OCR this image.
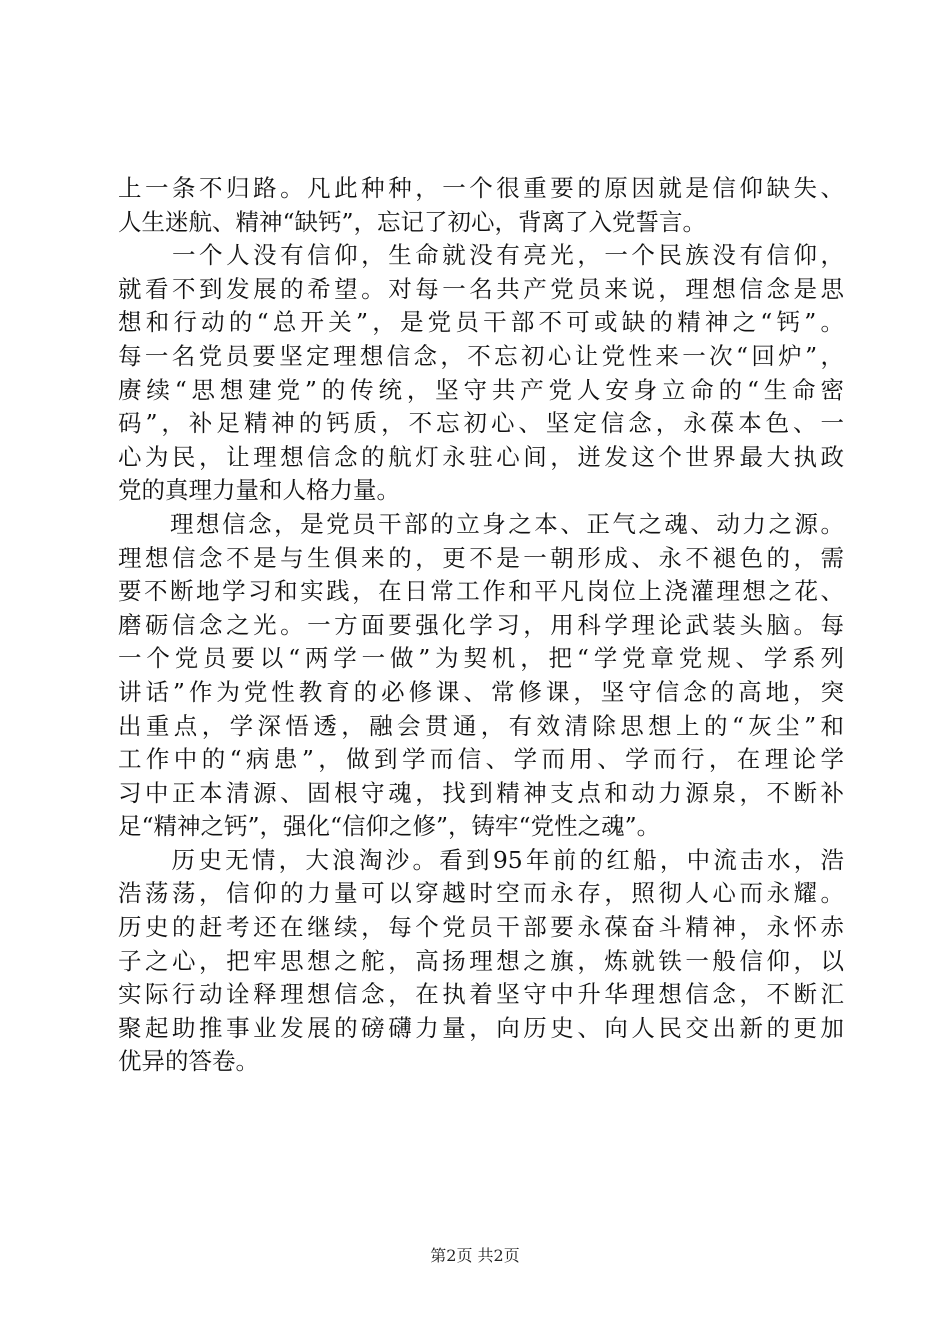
上一条不归路。凡此种种，一个很重要的原因就是信仰缺失、
人生迷航、精神“缺钙”，忘记了初心，背离了入党誓言。
　　一个人没有信仰，生命就没有亮光，一个民族没有信仰，
就看不到发展的希望。对每一名共产党员来说，理想信念是思
想和行动的“总开关”，是党员干部不可或缺的精神之“钙”。
每一名党员要坚定理想信念，不忘初心让党性来一次“回炉”，
赓续“思想建党”的传统，坚守共产党人安身立命的“生命密
码”，补足精神的钙质，不忘初心、坚定信念，永葆本色、一
心为民，让理想信念的航灯永驻心间，迸发这个世界最大执政
党的真理力量和人格力量。
　　理想信念，是党员干部的立身之本、正气之魂、动力之源。
理想信念不是与生俱来的，更不是一朝形成、永不褪色的，需
要不断地学习和实践，在日常工作和平凡岗位上浇灌理想之花、
磨砺信念之光。一方面要强化学习，用科学理论武装头脑。每
一个党员要以“两学一做”为契机，把“学党章党规、学系列
讲话”作为党性教育的必修课、常修课，坚守信念的高地，突
出重点，学深悟透，融会贯通，有效清除思想上的“灰尘”和
工作中的“病患”，做到学而信、学而用、学而行，在理论学
习中正本清源、固根守魂，找到精神支点和动力源泉，不断补
足“精神之钙”，强化“信仰之修”，铸牢“党性之魂”。
　　历史无情，大浪淘沙。看到95年前的红船，中流击水，浩
浩荡荡，信仰的力量可以穿越时空而永存，照彻人心而永耀。
历史的赶考还在继续，每个党员干部要永葆奋斗精神，永怀赤
子之心，把牢思想之舵，高扬理想之旗，炼就铁一般信仰，以
实际行动诠释理想信念，在执着坚守中升华理想信念，不断汇
聚起助推事业发展的磅礴力量，向历史、向人民交出新的更加
优异的答卷。
第2页 共2页
